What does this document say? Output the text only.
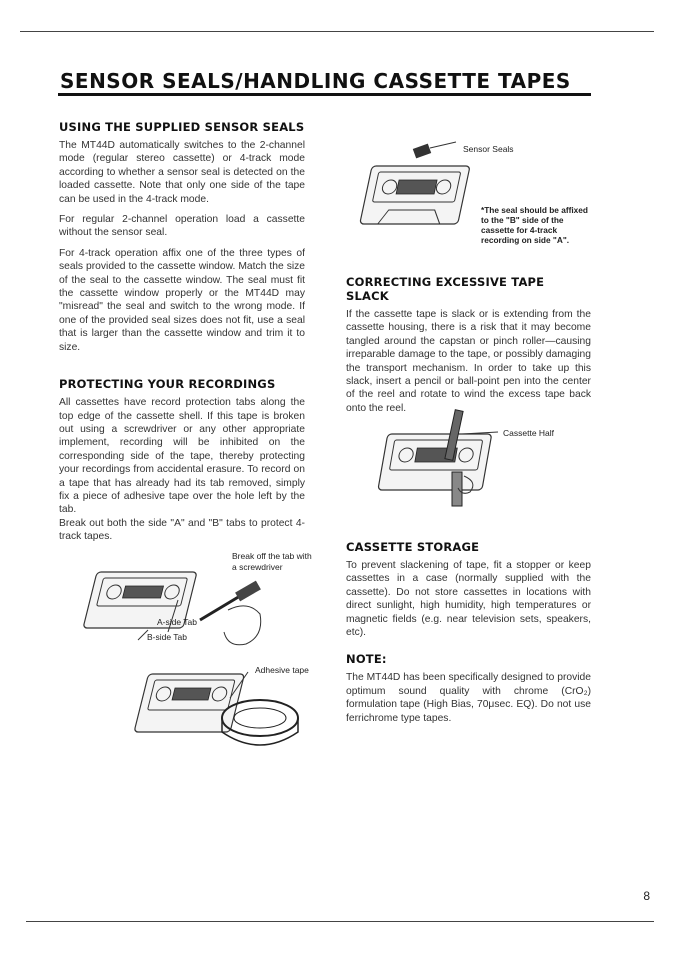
SENSOR SEALS/HANDLING CASSETTE TAPES
USING THE SUPPLIED SENSOR SEALS

The MT44D automatically switches to the 2-channel mode (regular stereo cassette) or 4-track mode according to whether a sensor seal is detected on the loaded cassette. Note that only one side of the tape can be used in the 4-track mode.

For regular 2-channel operation load a cassette without the sensor seal.

For 4-track operation affix one of the three types of seals provided to the cassette window. Match the size of the seal to the cassette window. The seal must fit the cassette window properly or the MT44D may "misread" the seal and switch to the wrong mode. If one of the provided seal sizes does not fit, use a seal that is larger than the cassette window and trim it to size.

PROTECTING YOUR RECORDINGS

All cassettes have record protection tabs along the top edge of the cassette shell. If this tape is broken out using a screwdriver or any other appropriate implement, recording will be inhibited on the corresponding side of the tape, thereby protecting your recordings from accidental erasure. To record on a tape that has already had its tab removed, simply fix a piece of adhesive tape over the hole left by the tab.

Break out both the side "A" and "B" tabs to protect 4-track tapes.

CORRECTING EXCESSIVE TAPE SLACK

If the cassette tape is slack or is extending from the cassette housing, there is a risk that it may become tangled around the capstan or pinch roller—causing irreparable damage to the tape, or possibly damaging the transport mechanism. In order to take up this slack, insert a pencil or ball-point pen into the center of the reel and rotate to wind the excess tape back onto the reel.

CASSETTE STORAGE

To prevent slackening of tape, fit a stopper or keep cassettes in a case (normally supplied with the cassette). Do not store cassettes in locations with direct sunlight, high humidity, high temperatures or magnetic fields (e.g. near television sets, speakers, etc).

NOTE:

The MT44D has been specifically designed to provide optimum sound quality with chrome (CrO₂) formulation tape (High Bias, 70μsec. EQ). Do not use ferrichrome type tapes.

Sensor Seals
*The seal should be affixed to the "B" side of the cassette for 4-track recording on side "A".
Cassette Half
Break off the tab with a screwdriver
A-side Tab
B-side Tab
Adhesive tape
8
